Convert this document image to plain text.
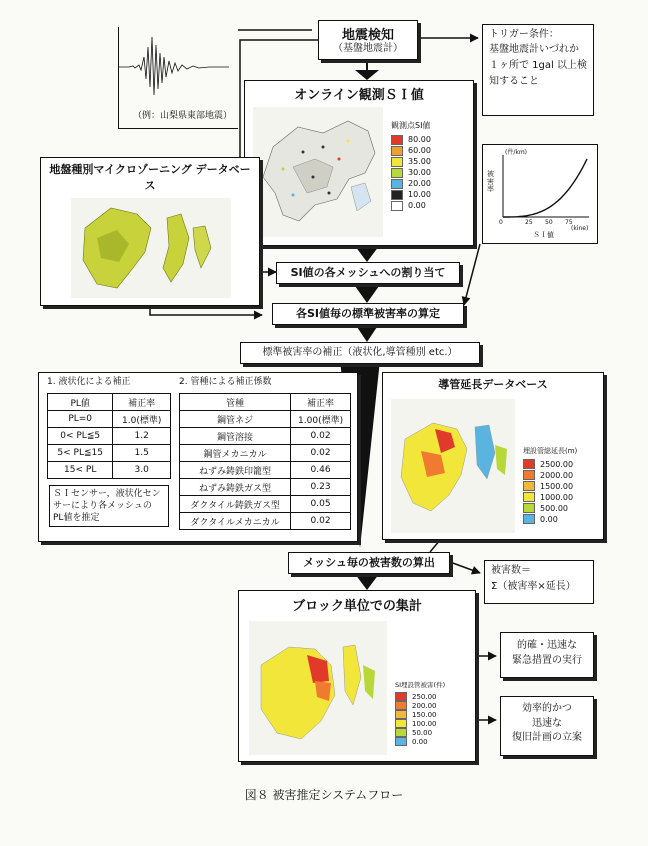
（例：山梨県東部地震）
地震検知
（基盤地震計）
トリガー条件：
基盤地震計いづれか１ヶ所で 1gal 以上検知すること
オンライン観測ＳＩ値
観測点SI値
80.00
60.00
35.00
30.00
20.00
10.00
0.00
地盤種別マイクロゾーニング データベース
(件/km)
被害率
0	25 50 75
(kine)
ＳＩ値
SI値の各メッシュへの割り当て
各SI値毎の標準被害率の算定
標準被害率の補正（液状化,導管種別 etc.）
1. 液状化による補正
PL値	補正率
PL=0	1.0(標準)
0< PL≦5	1.2
5< PL≦15	1.5
15< PL	3.0
ＳＩセンサー，液状化センサーにより各メッシュの PL値を推定
2. 管種による補正係数
管種	補正率
鋼管ネジ	1.00(標準)
鋼管溶接	0.02
鋼管メカニカル	0.02
ねずみ鋳鉄印籠型	0.46
ねずみ鋳鉄ガス型	0.23
ダクタイル鋳鉄ガス型	0.05
ダクタイルメカニカル	0.02
導管延長データベース
埋設管総延長(m)
2500.00
2000.00
1500.00
1000.00
500.00
0.00
メッシュ毎の被害数の算出
被害数＝
Σ（被害率×延長）
ブロック単位での集計
SI埋設管被害(件)
250.00
200.00
150.00
100.00
50.00
0.00
的確・迅速な
緊急措置の実行
効率的かつ
迅速な
復旧計画の立案
図８ 被害推定システムフロー
